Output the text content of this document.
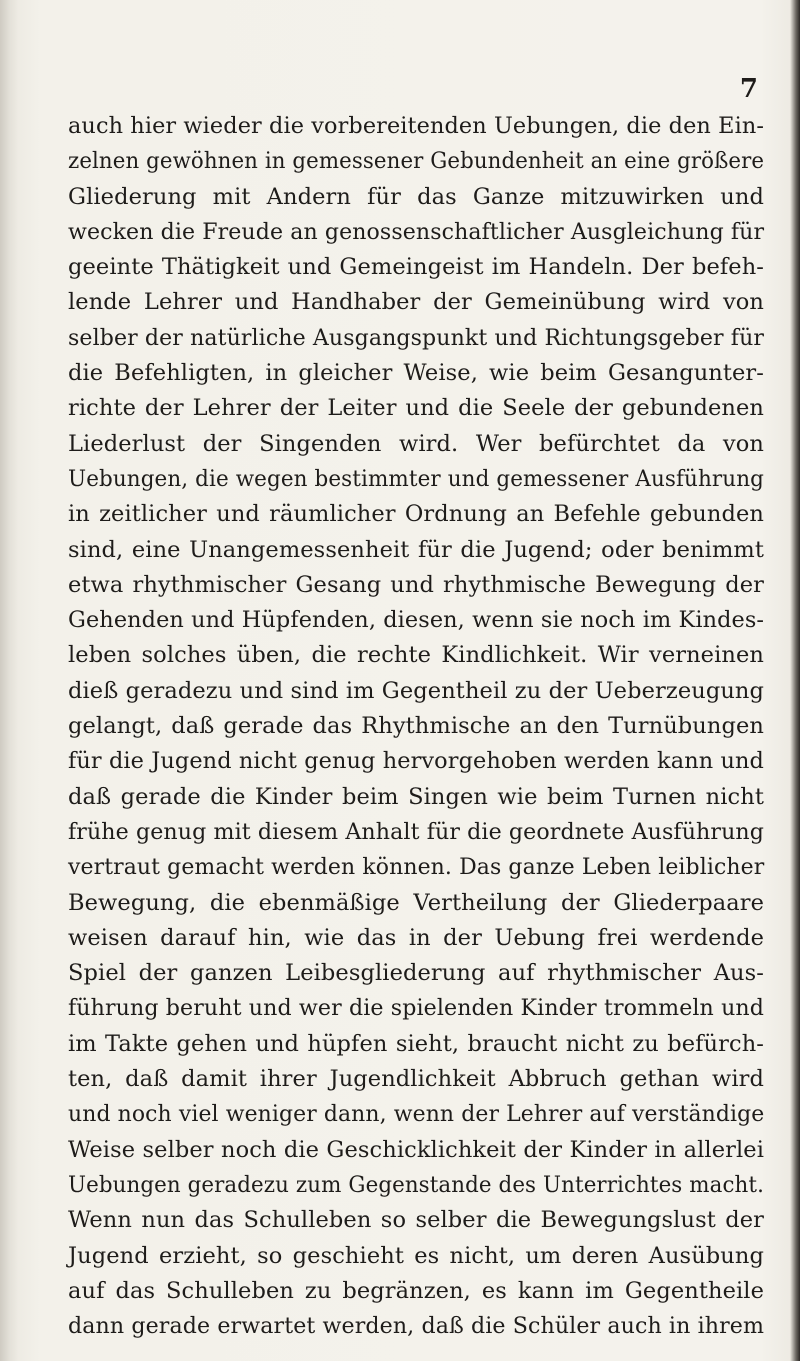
7
auch hier wieder die vorbereitenden Uebungen, die den Ein-
zelnen gewöhnen in gemessener Gebundenheit an eine größere
Gliederung mit Andern für das Ganze mitzuwirken und
wecken die Freude an genossenschaftlicher Ausgleichung für
geeinte Thätigkeit und Gemeingeist im Handeln. Der befeh-
lende Lehrer und Handhaber der Gemeinübung wird von
selber der natürliche Ausgangspunkt und Richtungsgeber für
die Befehligten, in gleicher Weise, wie beim Gesangunter-
richte der Lehrer der Leiter und die Seele der gebundenen
Liederlust der Singenden wird. Wer befürchtet da von
Uebungen, die wegen bestimmter und gemessener Ausführung
in zeitlicher und räumlicher Ordnung an Befehle gebunden
sind, eine Unangemessenheit für die Jugend; oder benimmt
etwa rhythmischer Gesang und rhythmische Bewegung der
Gehenden und Hüpfenden, diesen, wenn sie noch im Kindes-
leben solches üben, die rechte Kindlichkeit. Wir verneinen
dieß geradezu und sind im Gegentheil zu der Ueberzeugung
gelangt, daß gerade das Rhythmische an den Turnübungen
für die Jugend nicht genug hervorgehoben werden kann und
daß gerade die Kinder beim Singen wie beim Turnen nicht
frühe genug mit diesem Anhalt für die geordnete Ausführung
vertraut gemacht werden können. Das ganze Leben leiblicher
Bewegung, die ebenmäßige Vertheilung der Gliederpaare
weisen darauf hin, wie das in der Uebung frei werdende
Spiel der ganzen Leibesgliederung auf rhythmischer Aus-
führung beruht und wer die spielenden Kinder trommeln und
im Takte gehen und hüpfen sieht, braucht nicht zu befürch-
ten, daß damit ihrer Jugendlichkeit Abbruch gethan wird
und noch viel weniger dann, wenn der Lehrer auf verständige
Weise selber noch die Geschicklichkeit der Kinder in allerlei
Uebungen geradezu zum Gegenstande des Unterrichtes macht.
Wenn nun das Schulleben so selber die Bewegungslust der
Jugend erzieht, so geschieht es nicht, um deren Ausübung
auf das Schulleben zu begränzen, es kann im Gegentheile
dann gerade erwartet werden, daß die Schüler auch in ihrem
